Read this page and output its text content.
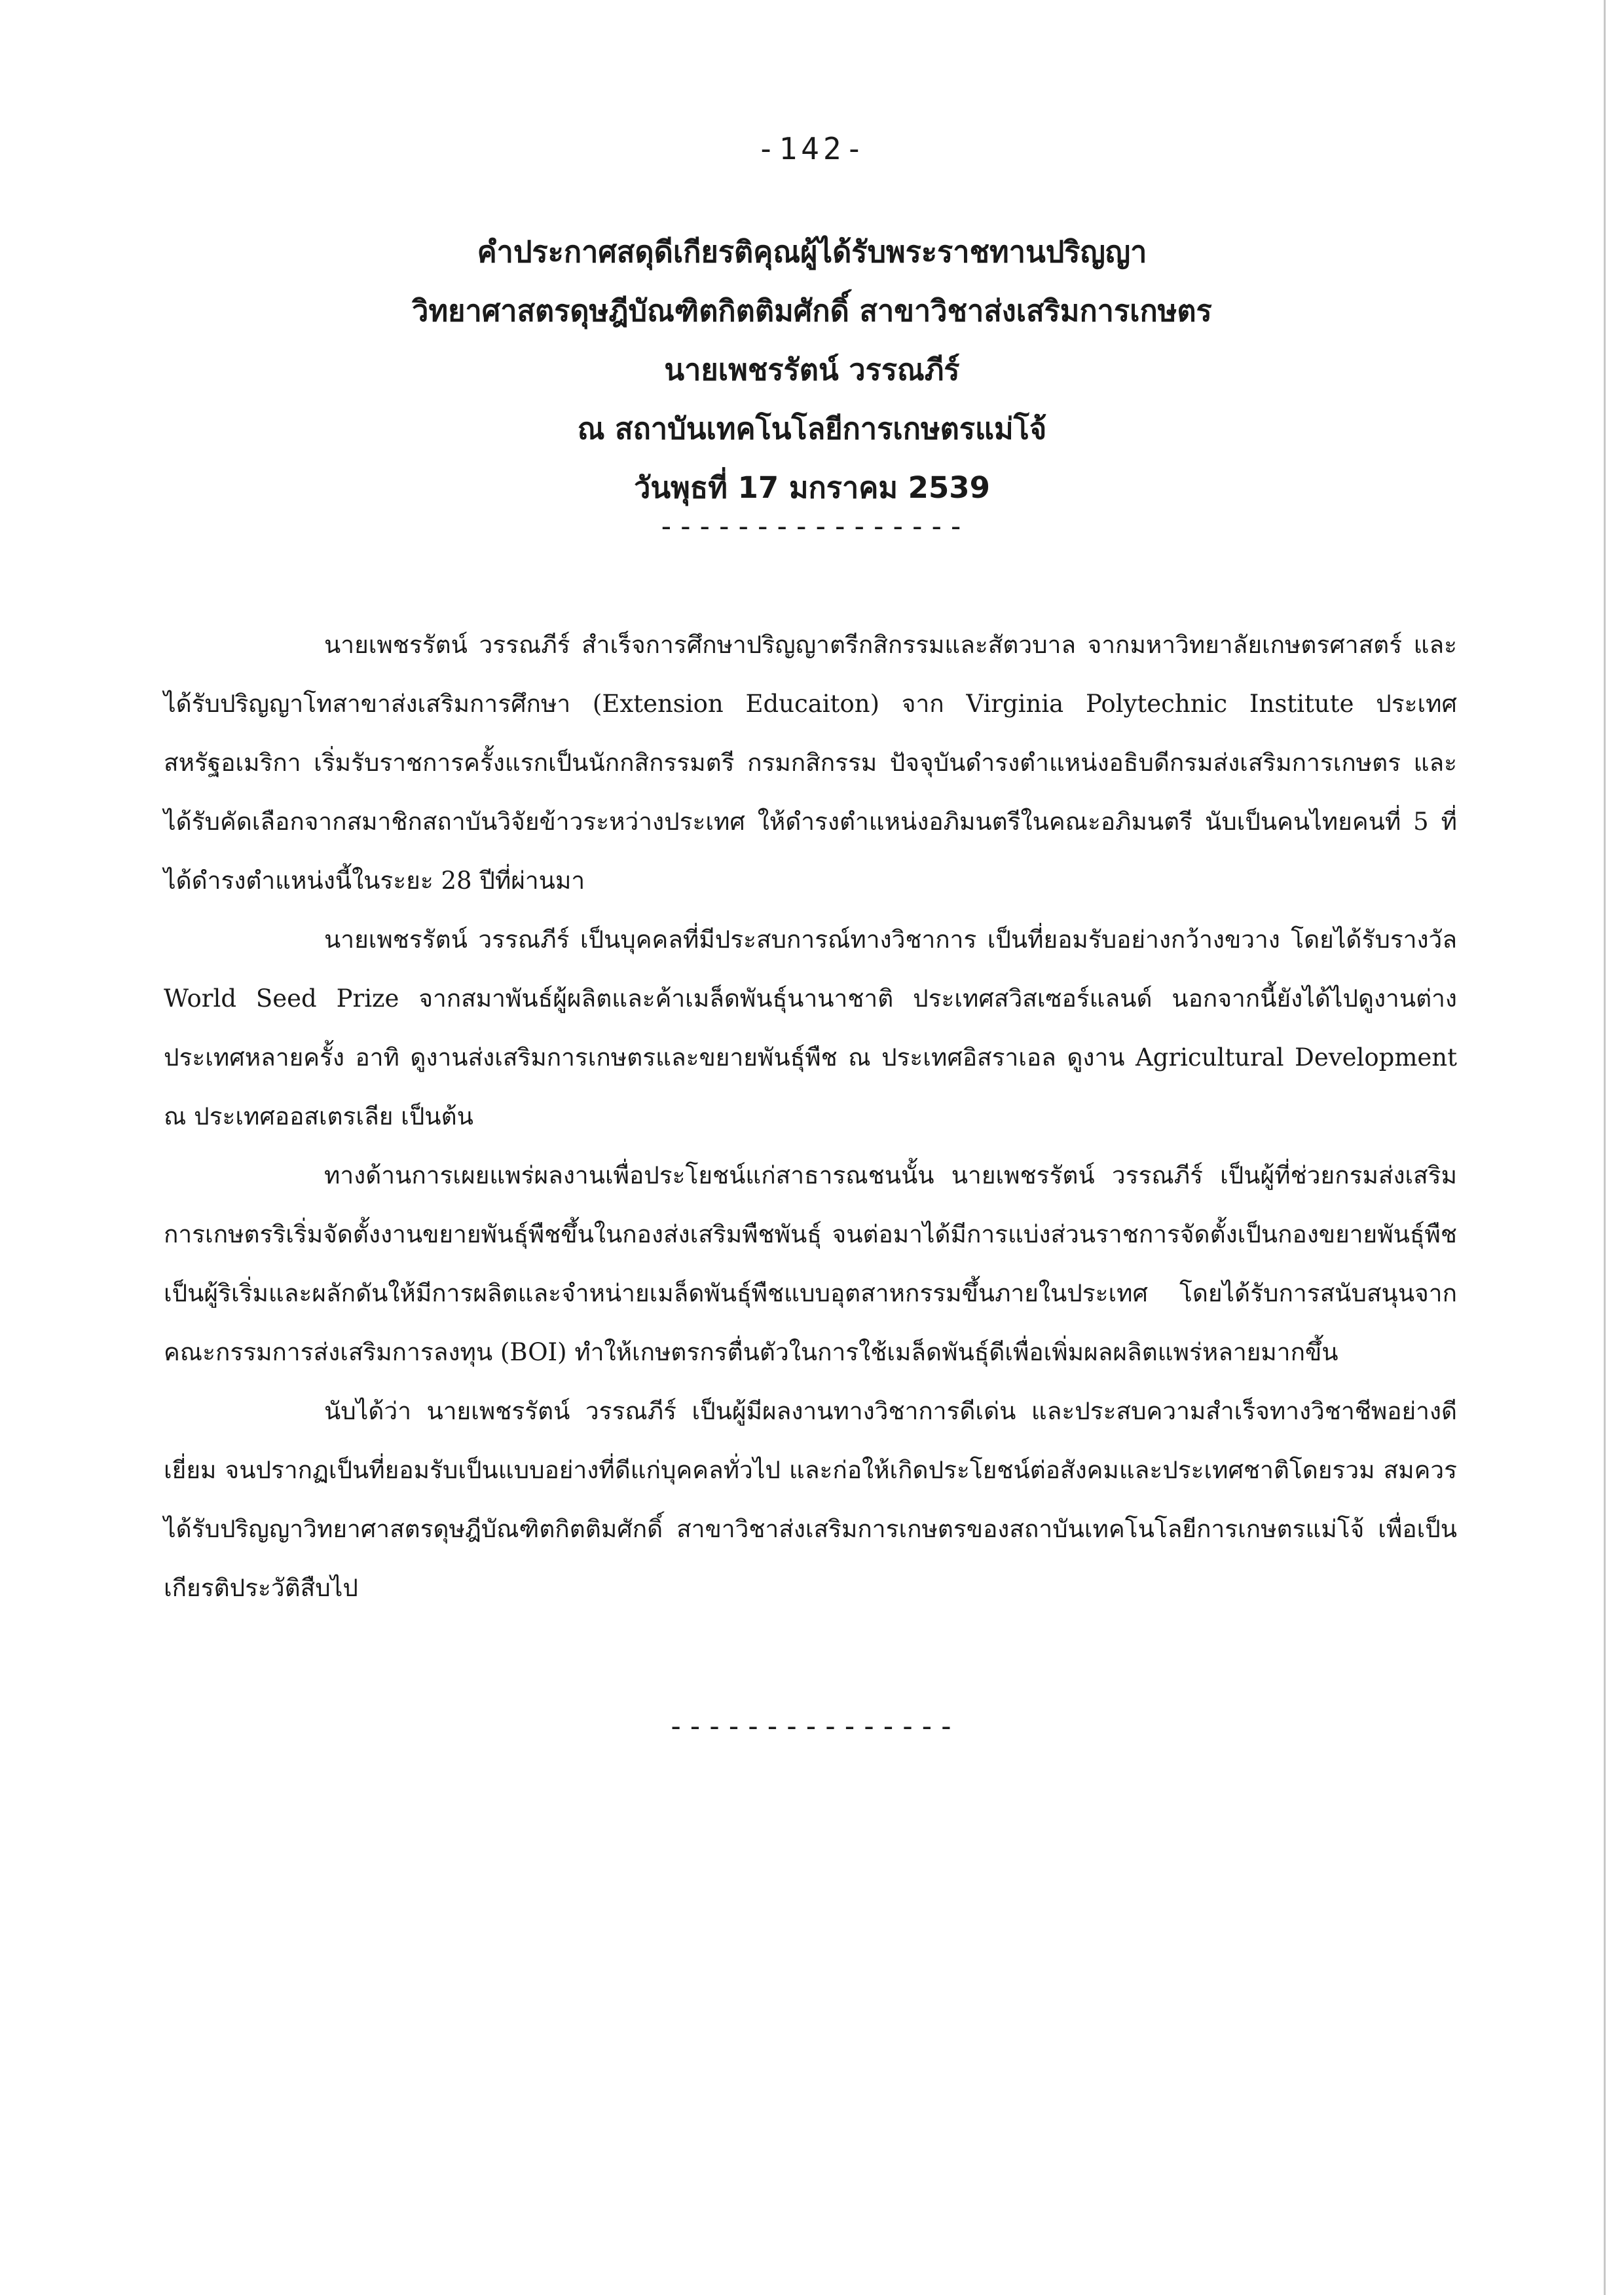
-142-
คำประกาศสดุดีเกียรติคุณผู้ได้รับพระราชทานปริญญา
วิทยาศาสตรดุษฎีบัณฑิตกิตติมศักดิ์ สาขาวิชาส่งเสริมการเกษตร
นายเพชรรัตน์ วรรณภีร์
ณ สถาบันเทคโนโลยีการเกษตรแม่โจ้
วันพุธที่ 17 มกราคม 2539
----------------

นายเพชรรัตน์ วรรณภีร์ สำเร็จการศึกษาปริญญาตรีกสิกรรมและสัตวบาล จากมหาวิทยาลัยเกษตรศาสตร์ และได้รับปริญญาโทสาขาส่งเสริมการศึกษา (Extension Educaiton) จาก Virginia Polytechnic Institute ประเทศสหรัฐอเมริกา เริ่มรับราชการครั้งแรกเป็นนักกสิกรรมตรี กรมกสิกรรม ปัจจุบันดำรงตำแหน่งอธิบดีกรมส่งเสริมการเกษตร และได้รับคัดเลือกจากสมาชิกสถาบันวิจัยข้าวระหว่างประเทศ ให้ดำรงตำแหน่งอภิมนตรีในคณะอภิมนตรี นับเป็นคนไทยคนที่ 5 ที่ได้ดำรงตำแหน่งนี้ในระยะ 28 ปีที่ผ่านมา

นายเพชรรัตน์ วรรณภีร์ เป็นบุคคลที่มีประสบการณ์ทางวิชาการ เป็นที่ยอมรับอย่างกว้างขวาง โดยได้รับรางวัล World Seed Prize จากสมาพันธ์ผู้ผลิตและค้าเมล็ดพันธุ์นานาชาติ ประเทศสวิสเซอร์แลนด์ นอกจากนี้ยังได้ไปดูงานต่างประเทศหลายครั้ง อาทิ ดูงานส่งเสริมการเกษตรและขยายพันธุ์พืช ณ ประเทศอิสราเอล ดูงาน Agricultural Development ณ ประเทศออสเตรเลีย เป็นต้น

ทางด้านการเผยแพร่ผลงานเพื่อประโยชน์แก่สาธารณชนนั้น นายเพชรรัตน์ วรรณภีร์ เป็นผู้ที่ช่วยกรมส่งเสริมการเกษตรริเริ่มจัดตั้งงานขยายพันธุ์พืชขึ้นในกองส่งเสริมพืชพันธุ์ จนต่อมาได้มีการแบ่งส่วนราชการจัดตั้งเป็นกองขยายพันธุ์พืช เป็นผู้ริเริ่มและผลักดันให้มีการผลิตและจำหน่ายเมล็ดพันธุ์พืชแบบอุตสาหกรรมขึ้นภายในประเทศ โดยได้รับการสนับสนุนจากคณะกรรมการส่งเสริมการลงทุน (BOI) ทำให้เกษตรกรตื่นตัวในการใช้เมล็ดพันธุ์ดีเพื่อเพิ่มผลผลิตแพร่หลายมากขึ้น

นับได้ว่า นายเพชรรัตน์ วรรณภีร์ เป็นผู้มีผลงานทางวิชาการดีเด่น และประสบความสำเร็จทางวิชาชีพอย่างดีเยี่ยม จนปรากฏเป็นที่ยอมรับเป็นแบบอย่างที่ดีแก่บุคคลทั่วไป และก่อให้เกิดประโยชน์ต่อสังคมและประเทศชาติโดยรวม สมควรได้รับปริญญาวิทยาศาสตรดุษฎีบัณฑิตกิตติมศักดิ์ สาขาวิชาส่งเสริมการเกษตรของสถาบันเทคโนโลยีการเกษตรแม่โจ้ เพื่อเป็นเกียรติประวัติสืบไป

---------------
